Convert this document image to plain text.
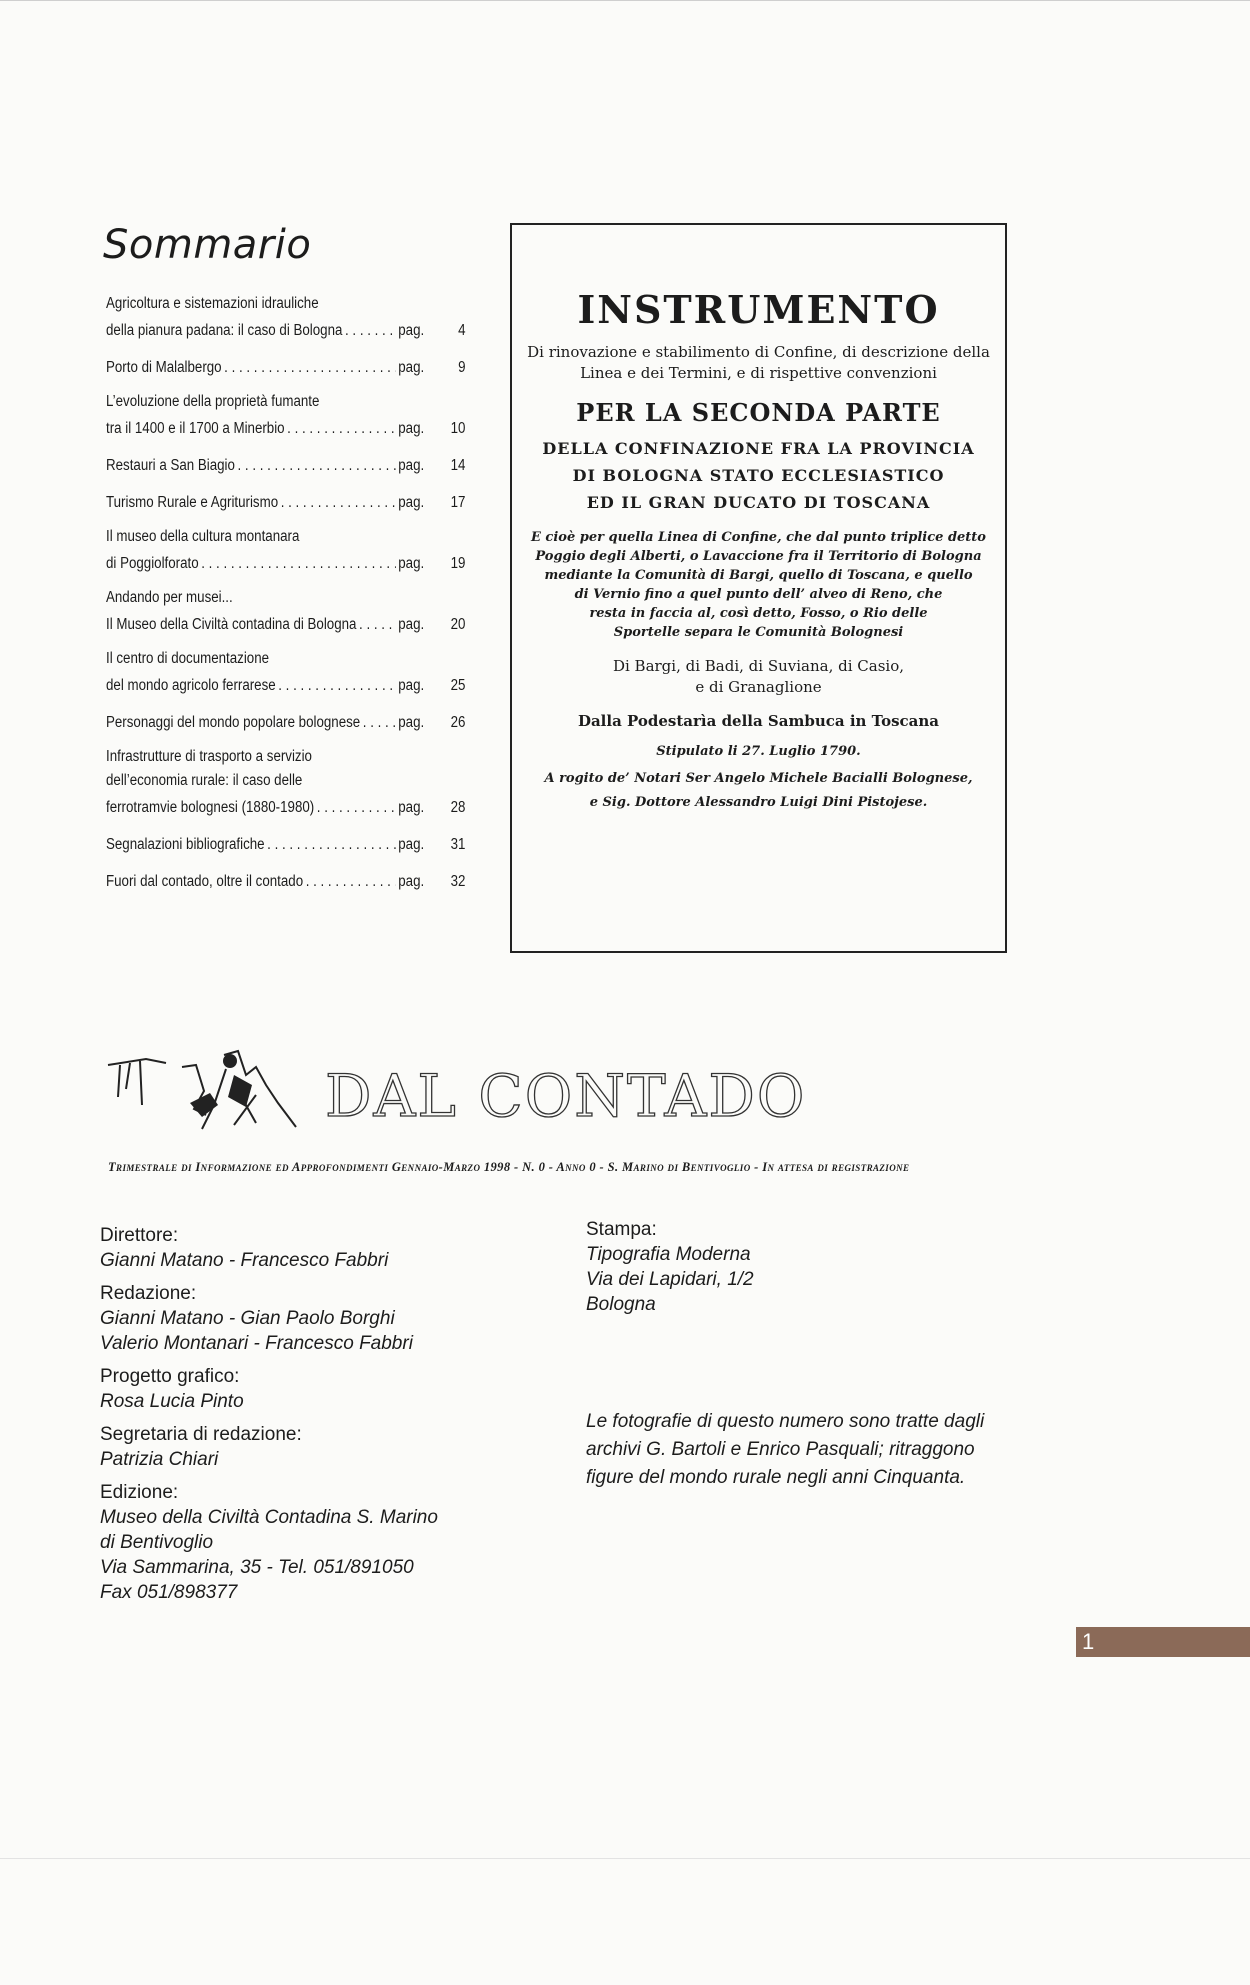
Sommario
Agricoltura e sistemazioni idrauliche
della pianura padana: il caso di Bologna . . .	pag.	4
Porto di Malalbergo . . .	pag.	9
L’evoluzione della proprietà fumante
tra il 1400 e il 1700 a Minerbio . . .	pag.	10
Restauri a San Biagio . . .	pag.	14
Turismo Rurale e Agriturismo . . .	pag.	17
Il museo della cultura montanara
di Poggiolforato . . .	pag.	19
Andando per musei...
Il Museo della Civiltà contadina di Bologna . . .	pag.	20
Il centro di documentazione
del mondo agricolo ferrarese . . .	pag.	25
Personaggi del mondo popolare bolognese . . . pag.	26
Infrastrutture di trasporto a servizio
dell’economia rurale: il caso delle
ferrotramvie bolognesi (1880-1980) . . .	pag.	28
Segnalazioni bibliografiche . . .	pag.	31
Fuori dal contado, oltre il contado . . .	pag.	32
INSTRUMENTO
Di rinovazione e stabilimento di Confine, di descrizione della
Linea e dei Termini, e di rispettive convenzioni
PER LA SECONDA PARTE
DELLA CONFINAZIONE FRA LA PROVINCIA
DI BOLOGNA STATO ECCLESIASTICO
ED IL GRAN DUCATO DI TOSCANA
E cioè per quella Linea di Confine, che dal punto triplice detto
Poggio degli Alberti, o Lavaccione fra il Territorio di Bologna
mediante la Comunità di Bargi, quello di Toscana, e quello
di Vernio fino a quel punto dell’ alveo di Reno, che
resta in faccia al, così detto, Fosso, o Rio delle
Sportelle separa le Comunità Bolognesi
Di Bargi, di Badi, di Suviana, di Casio,
e di Granaglione
Dalla Podestarìa della Sambuca in Toscana
Stipulato li 27. Luglio 1790.
A rogito de’ Notari Ser Angelo Michele Bacialli Bolognese,
e Sig. Dottore Alessandro Luigi Dini Pistojese.
DAL CONTADO
Trimestrale di Informazione ed Approfondimenti Gennaio-Marzo 1998 - N. 0 - Anno 0 - S. Marino di Bentivoglio - In attesa di registrazione
Direttore:
Gianni Matano - Francesco Fabbri
Redazione:
Gianni Matano - Gian Paolo Borghi
Valerio Montanari - Francesco Fabbri
Progetto grafico:
Rosa Lucia Pinto
Segretaria di redazione:
Patrizia Chiari
Edizione:
Museo della Civiltà Contadina S. Marino
di Bentivoglio
Via Sammarina, 35 - Tel. 051/891050
Fax 051/898377
Stampa:
Tipografia Moderna
Via dei Lapidari, 1/2
Bologna
Le fotografie di questo numero sono tratte dagli
archivi G. Bartoli e Enrico Pasquali; ritraggono
figure del mondo rurale negli anni Cinquanta.
1
